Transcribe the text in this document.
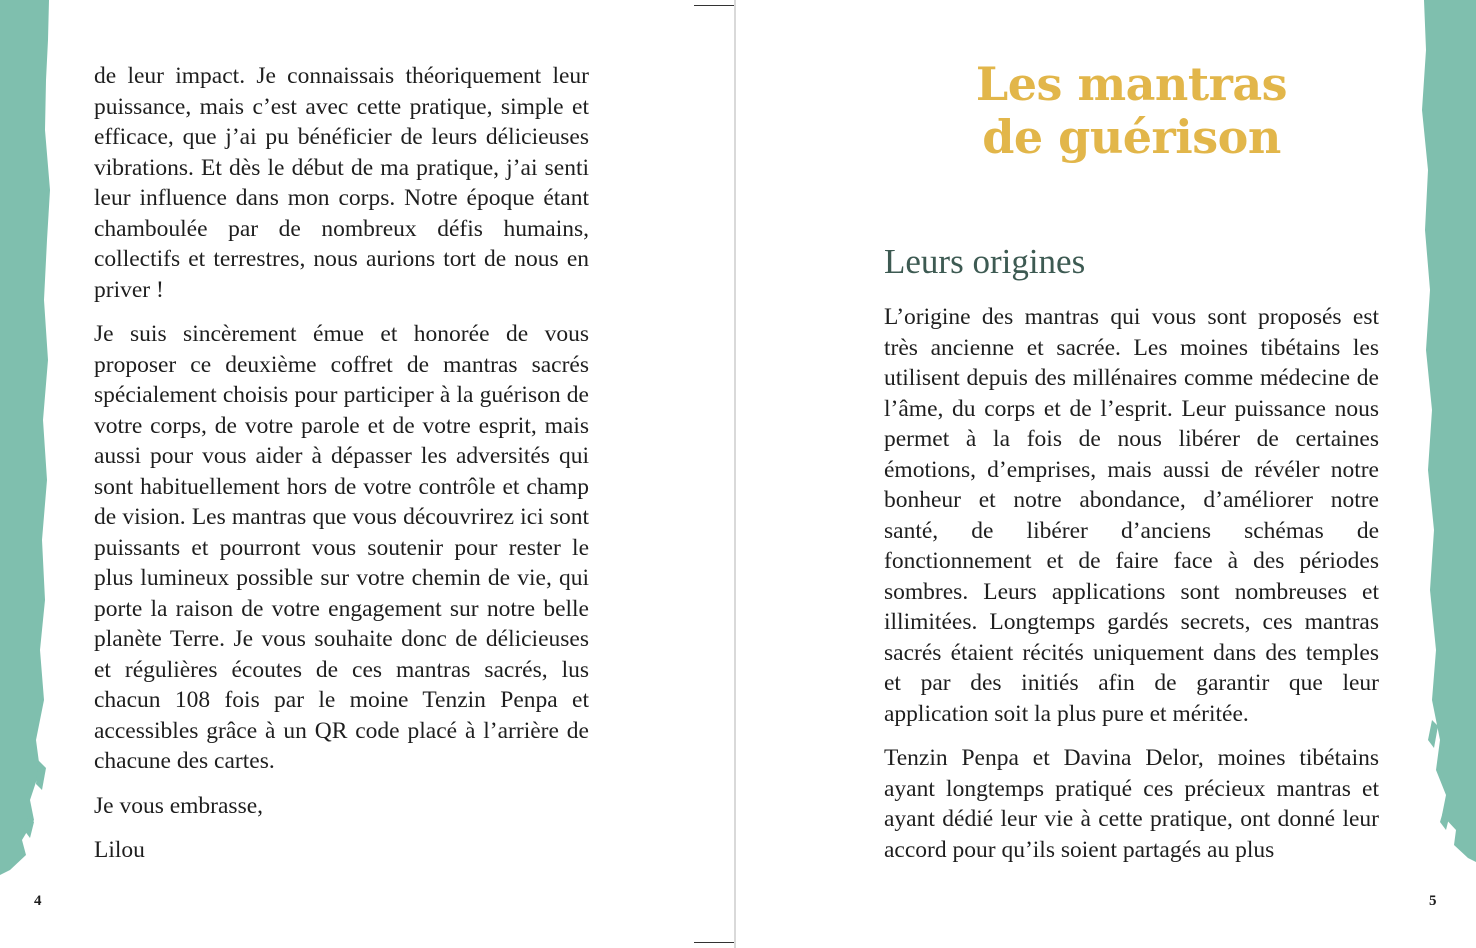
de leur impact. Je connaissais théoriquement leur puissance, mais c’est avec cette pratique, simple et efficace, que j’ai pu bénéficier de leurs délicieuses vibrations. Et dès le début de ma pratique, j’ai senti leur influence dans mon corps. Notre époque étant chamboulée par de nombreux défis humains, collectifs et terrestres, nous aurions tort de nous en priver !

Je suis sincèrement émue et honorée de vous proposer ce deuxième coffret de mantras sacrés spécialement choisis pour participer à la guérison de votre corps, de votre parole et de votre esprit, mais aussi pour vous aider à dépasser les adversités qui sont habituellement hors de votre contrôle et champ de vision. Les mantras que vous découvrirez ici sont puissants et pourront vous soutenir pour rester le plus lumineux possible sur votre chemin de vie, qui porte la raison de votre engagement sur notre belle planète Terre. Je vous souhaite donc de délicieuses et régulières écoutes de ces mantras sacrés, lus chacun 108 fois par le moine Tenzin Penpa et accessibles grâce à un QR code placé à l’arrière de chacune des cartes.

Je vous embrasse,

Lilou

4
Les mantras
de guérison
Leurs origines

L’origine des mantras qui vous sont proposés est très ancienne et sacrée. Les moines tibétains les utilisent depuis des millénaires comme médecine de l’âme, du corps et de l’esprit. Leur puissance nous permet à la fois de nous libérer de certaines émotions, d’emprises, mais aussi de révéler notre bonheur et notre abondance, d’améliorer notre santé, de libérer d’anciens schémas de fonctionnement et de faire face à des périodes sombres. Leurs applications sont nombreuses et illimitées. Longtemps gardés secrets, ces mantras sacrés étaient récités uniquement dans des temples et par des initiés afin de garantir que leur application soit la plus pure et méritée.

Tenzin Penpa et Davina Delor, moines tibétains ayant longtemps pratiqué ces précieux mantras et ayant dédié leur vie à cette pratique, ont donné leur accord pour qu’ils soient partagés au plus

5
